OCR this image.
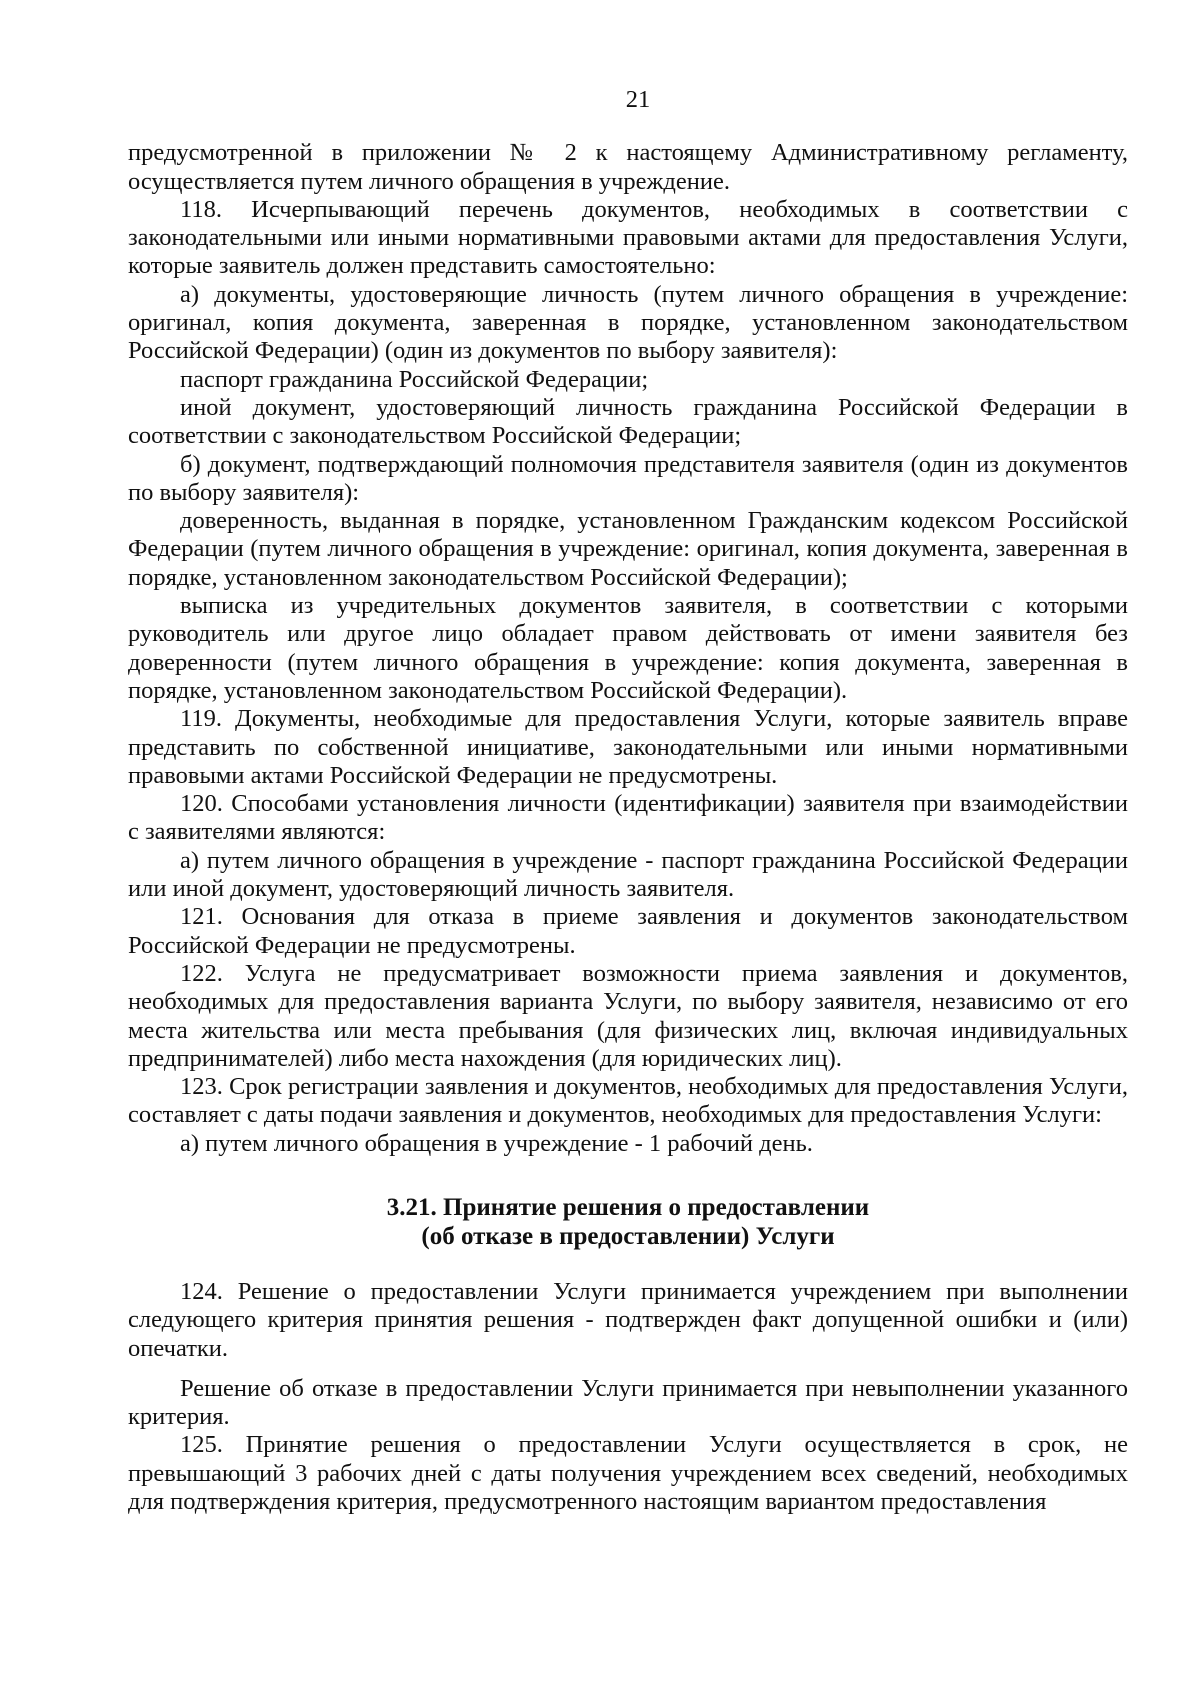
21

предусмотренной в приложении № 2 к настоящему Административному регламенту, осуществляется путем личного обращения в учреждение.

118. Исчерпывающий перечень документов, необходимых в соответствии с законодательными или иными нормативными правовыми актами для предоставления Услуги, которые заявитель должен представить самостоятельно:

а) документы, удостоверяющие личность (путем личного обращения в учреждение: оригинал, копия документа, заверенная в порядке, установленном законодательством Российской Федерации) (один из документов по выбору заявителя):

паспорт гражданина Российской Федерации;

иной документ, удостоверяющий личность гражданина Российской Федерации в соответствии с законодательством Российской Федерации;

б) документ, подтверждающий полномочия представителя заявителя (один из документов по выбору заявителя):

доверенность, выданная в порядке, установленном Гражданским кодексом Российской Федерации (путем личного обращения в учреждение: оригинал, копия документа, заверенная в порядке, установленном законодательством Российской Федерации);

выписка из учредительных документов заявителя, в соответствии с которыми руководитель или другое лицо обладает правом действовать от имени заявителя без доверенности (путем личного обращения в учреждение: копия документа, заверенная в порядке, установленном законодательством Российской Федерации).

119. Документы, необходимые для предоставления Услуги, которые заявитель вправе представить по собственной инициативе, законодательными или иными нормативными правовыми актами Российской Федерации не предусмотрены.

120. Способами установления личности (идентификации) заявителя при взаимодействии с заявителями являются:

а) путем личного обращения в учреждение - паспорт гражданина Российской Федерации или иной документ, удостоверяющий личность заявителя.

121. Основания для отказа в приеме заявления и документов законодательством Российской Федерации не предусмотрены.

122. Услуга не предусматривает возможности приема заявления и документов, необходимых для предоставления варианта Услуги, по выбору заявителя, независимо от его места жительства или места пребывания (для физических лиц, включая индивидуальных предпринимателей) либо места нахождения (для юридических лиц).

123. Срок регистрации заявления и документов, необходимых для предоставления Услуги, составляет с даты подачи заявления и документов, необходимых для предоставления Услуги:

а) путем личного обращения в учреждение - 1 рабочий день.

3.21. Принятие решения о предоставлении
(об отказе в предоставлении) Услуги

124. Решение о предоставлении Услуги принимается учреждением при выполнении следующего критерия принятия решения - подтвержден факт допущенной ошибки и (или) опечатки.

Решение об отказе в предоставлении Услуги принимается при невыполнении указанного критерия.

125. Принятие решения о предоставлении Услуги осуществляется в срок, не превышающий 3 рабочих дней с даты получения учреждением всех сведений, необходимых для подтверждения критерия, предусмотренного настоящим вариантом предоставления
